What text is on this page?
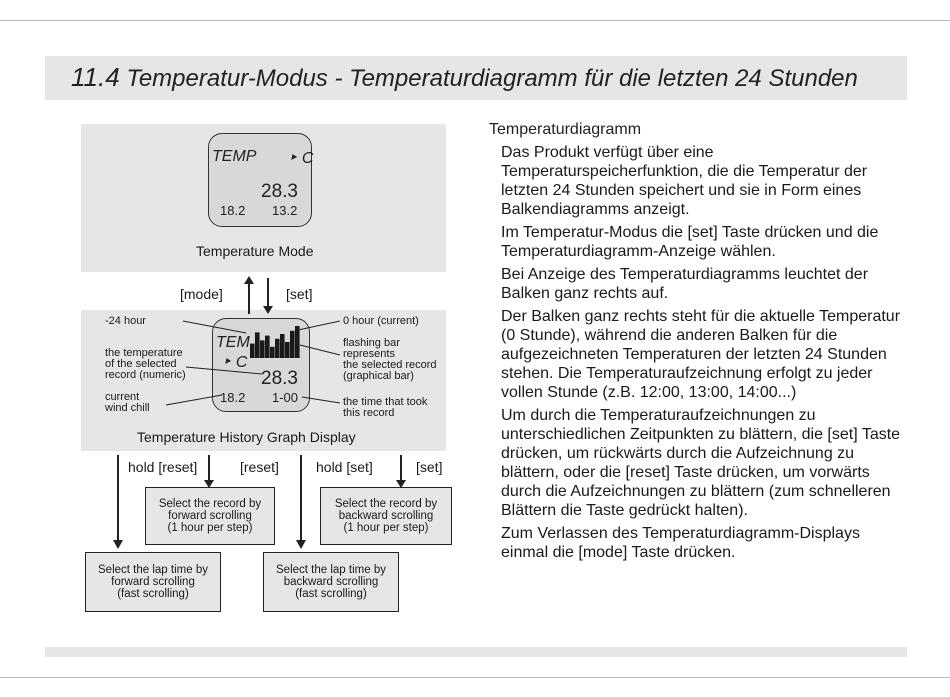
11.4 Temperatur-Modus - Temperaturdiagramm für die letzten 24 Stunden
TEMP ‣ C
28.3
18.2 13.2
Temperature Mode
[mode]	[set]
TEM
‣ C
28.3
18.2 1-00
Temperature History Graph Display
-24 hour
the temperature
of the selected
record (numeric)
current
wind chill
0 hour (current)
flashing bar
represents
the selected record
(graphical bar)
the time that took
this record
hold [reset]	[reset]	hold [set]	[set]
Select the record by
forward scrolling
(1 hour per step)
Select the record by
backward scrolling
(1 hour per step)
Select the lap time by
forward scrolling
(fast scrolling)
Select the lap time by
backward scrolling
(fast scrolling)
Temperaturdiagramm
Das Produkt verfügt über eine Temperaturspeicherfunktion, die die Temperatur der letzten 24 Stunden speichert und sie in Form eines Balkendiagramms anzeigt.
Im Temperatur-Modus die [set] Taste drücken und die Temperaturdiagramm-Anzeige wählen.
Bei Anzeige des Temperaturdiagramms leuchtet der Balken ganz rechts auf.
Der Balken ganz rechts steht für die aktuelle Temperatur (0 Stunde), während die anderen Balken für die aufgezeichneten Temperaturen der letzten 24 Stunden stehen. Die Temperaturaufzeichnung erfolgt zu jeder vollen Stunde (z.B. 12:00, 13:00, 14:00...)
Um durch die Temperaturaufzeichnungen zu unterschiedlichen Zeitpunkten zu blättern, die [set] Taste drücken, um rückwärts durch die Aufzeichnung zu blättern, oder die [reset] Taste drücken, um vorwärts durch die Aufzeichnungen zu blättern (zum schnelleren Blättern die Taste gedrückt halten).
Zum Verlassen des Temperaturdiagramm-Displays einmal die [mode] Taste drücken.
